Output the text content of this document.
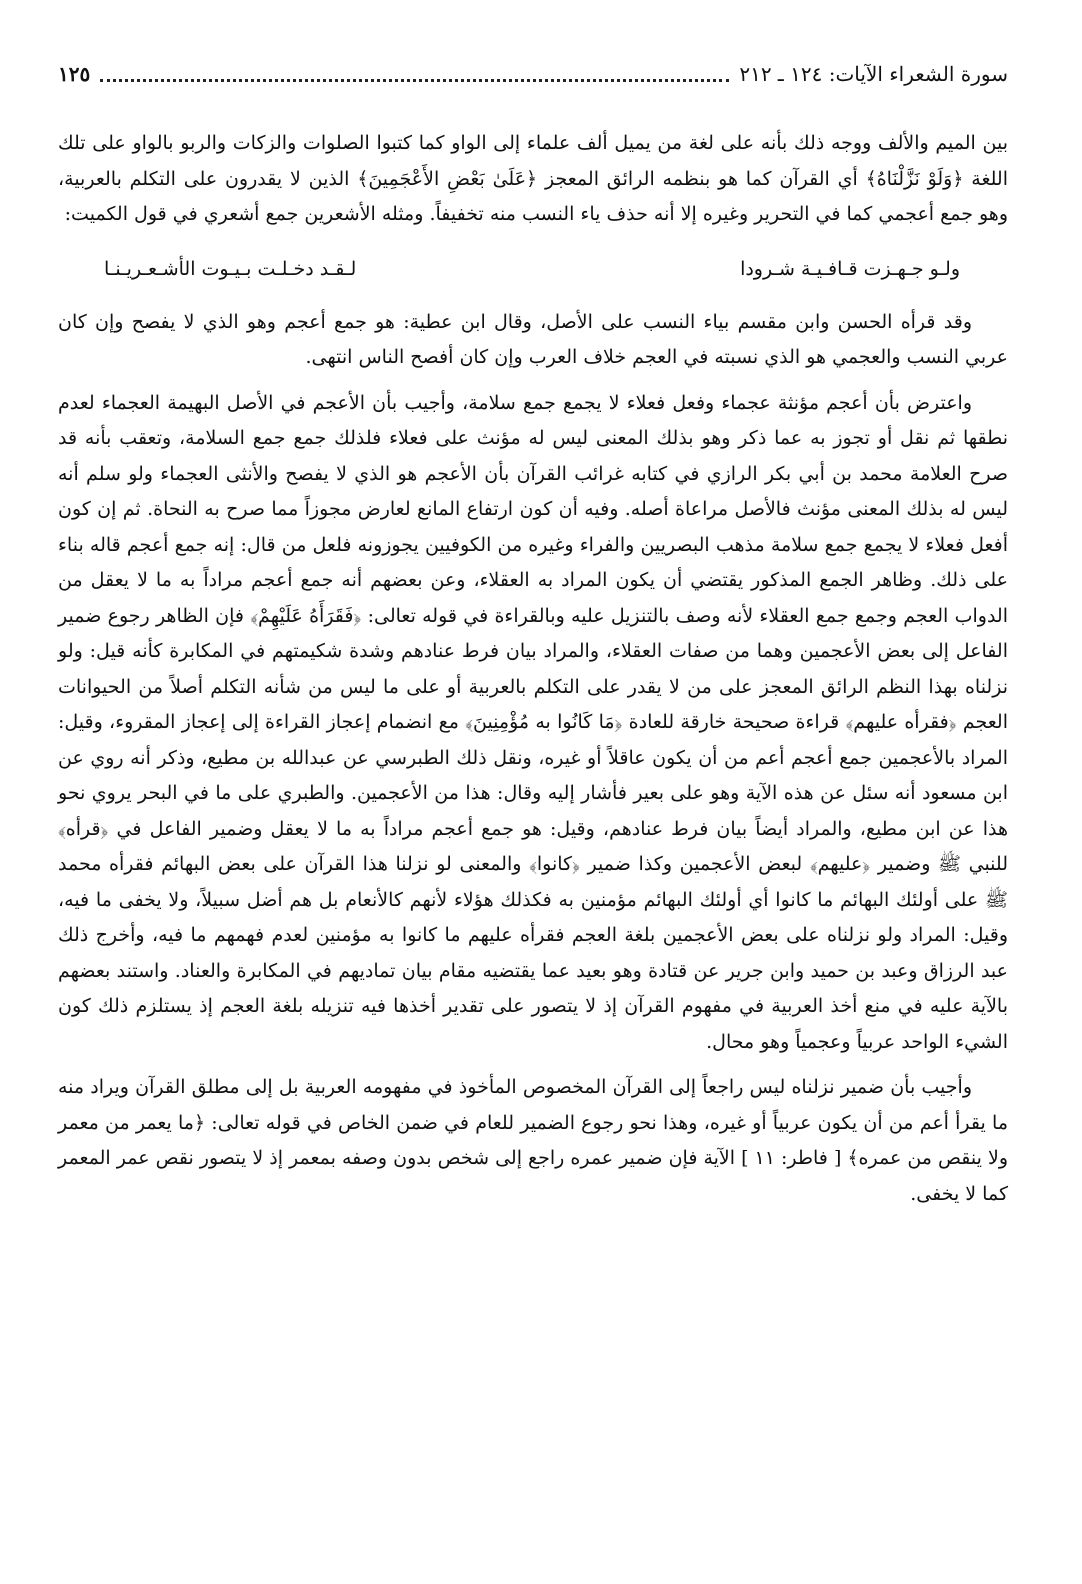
سورة الشعراء الآيات: ١٢٤ ـ ٢١٢
١٢٥

بين الميم والألف ووجه ذلك بأنه على لغة من يميل ألف علماء إلى الواو كما كتبوا الصلوات والزكات والربو بالواو على تلك اللغة ﴿وَلَوْ نَزَّلْنَاهُ﴾ أي القرآن كما هو بنظمه الرائق المعجز ﴿عَلَىٰ بَعْضِ الأَعْجَمِينَ﴾ الذين لا يقدرون على التكلم بالعربية، وهو جمع أعجمي كما في التحرير وغيره إلا أنه حذف ياء النسب منه تخفيفاً. ومثله الأشعرين جمع أشعري في قول الكميت:

ولـو جـهـزت قـافـيـة شـرودا
لـقـد دخـلـت بـيـوت الأشـعـريـنـا

وقد قرأه الحسن وابن مقسم بياء النسب على الأصل، وقال ابن عطية: هو جمع أعجم وهو الذي لا يفصح وإن كان عربي النسب والعجمي هو الذي نسبته في العجم خلاف العرب وإن كان أفصح الناس انتهى.

واعترض بأن أعجم مؤنثة عجماء وفعل فعلاء لا يجمع جمع سلامة، وأجيب بأن الأعجم في الأصل البهيمة العجماء لعدم نطقها ثم نقل أو تجوز به عما ذكر وهو بذلك المعنى ليس له مؤنث على فعلاء فلذلك جمع جمع السلامة، وتعقب بأنه قد صرح العلامة محمد بن أبي بكر الرازي في كتابه غرائب القرآن بأن الأعجم هو الذي لا يفصح والأنثى العجماء ولو سلم أنه ليس له بذلك المعنى مؤنث فالأصل مراعاة أصله. وفيه أن كون ارتفاع المانع لعارض مجوزاً مما صرح به النحاة. ثم إن كون أفعل فعلاء لا يجمع جمع سلامة مذهب البصريين والفراء وغيره من الكوفيين يجوزونه فلعل من قال: إنه جمع أعجم قاله بناء على ذلك. وظاهر الجمع المذكور يقتضي أن يكون المراد به العقلاء، وعن بعضهم أنه جمع أعجم مراداً به ما لا يعقل من الدواب العجم وجمع جمع العقلاء لأنه وصف بالتنزيل عليه وبالقراءة في قوله تعالى: ﴿فَقَرَأَهُ عَلَيْهِمْ﴾ فإن الظاهر رجوع ضمير الفاعل إلى بعض الأعجمين وهما من صفات العقلاء، والمراد بيان فرط عنادهم وشدة شكيمتهم في المكابرة كأنه قيل: ولو نزلناه بهذا النظم الرائق المعجز على من لا يقدر على التكلم بالعربية أو على ما ليس من شأنه التكلم أصلاً من الحيوانات العجم ﴿فقرأه عليهم﴾ قراءة صحيحة خارقة للعادة ﴿مَا كَانُوا به مُؤْمِنِينَ﴾ مع انضمام إعجاز القراءة إلى إعجاز المقروء، وقيل: المراد بالأعجمين جمع أعجم أعم من أن يكون عاقلاً أو غيره، ونقل ذلك الطبرسي عن عبدالله بن مطيع، وذكر أنه روي عن ابن مسعود أنه سئل عن هذه الآية وهو على بعير فأشار إليه وقال: هذا من الأعجمين. والطبري على ما في البحر يروي نحو هذا عن ابن مطيع، والمراد أيضاً بيان فرط عنادهم، وقيل: هو جمع أعجم مراداً به ما لا يعقل وضمير الفاعل في ﴿قرأه﴾ للنبي ﷺ وضمير ﴿عليهم﴾ لبعض الأعجمين وكذا ضمير ﴿كانوا﴾ والمعنى لو نزلنا هذا القرآن على بعض البهائم فقرأه محمد ﷺ على أولئك البهائم ما كانوا أي أولئك البهائم مؤمنين به فكذلك هؤلاء لأنهم كالأنعام بل هم أضل سبيلاً، ولا يخفى ما فيه، وقيل: المراد ولو نزلناه على بعض الأعجمين بلغة العجم فقرأه عليهم ما كانوا به مؤمنين لعدم فهمهم ما فيه، وأخرج ذلك عبد الرزاق وعبد بن حميد وابن جرير عن قتادة وهو بعيد عما يقتضيه مقام بيان تماديهم في المكابرة والعناد. واستند بعضهم بالآية عليه في منع أخذ العربية في مفهوم القرآن إذ لا يتصور على تقدير أخذها فيه تنزيله بلغة العجم إذ يستلزم ذلك كون الشيء الواحد عربياً وعجمياً وهو محال.

وأجيب بأن ضمير نزلناه ليس راجعاً إلى القرآن المخصوص المأخوذ في مفهومه العربية بل إلى مطلق القرآن ويراد منه ما يقرأ أعم من أن يكون عربياً أو غيره، وهذا نحو رجوع الضمير للعام في ضمن الخاص في قوله تعالى: ﴿ما يعمر من معمر ولا ينقص من عمره﴾ [ فاطر: ١١ ] الآية فإن ضمير عمره راجع إلى شخص بدون وصفه بمعمر إذ لا يتصور نقص عمر المعمر كما لا يخفى.
